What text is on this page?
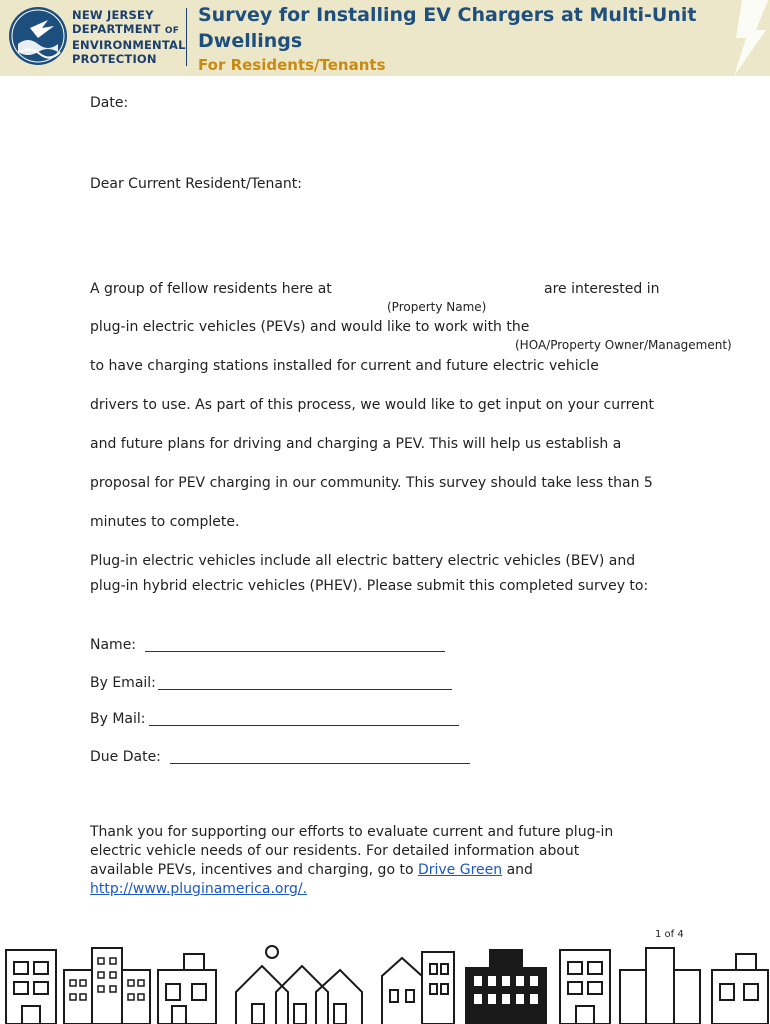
NEW JERSEY
DEPARTMENT OF
ENVIRONMENTAL
PROTECTION
Survey for Installing EV Chargers at Multi-Unit
Dwellings
For Residents/Tenants
Date:
Dear Current Resident/Tenant:
A group of fellow residents here at	are interested in
(Property Name)
plug-in electric vehicles (PEVs) and would like to work with the
(HOA/Property Owner/Management)
to have charging stations installed for current and future electric vehicle
drivers to use. As part of this process, we would like to get input on your current
and future plans for driving and charging a PEV. This will help us establish a
proposal for PEV charging in our community. This survey should take less than 5
minutes to complete.
Plug-in electric vehicles include all electric battery electric vehicles (BEV) and
plug-in hybrid electric vehicles (PHEV). Please submit this completed survey to:
Name:
By Email:
By Mail:
Due Date:
Thank you for supporting our efforts to evaluate current and future plug-in
electric vehicle needs of our residents. For detailed information about
available PEVs, incentives and charging, go to Drive Green and
http://www.pluginamerica.org/.
1 of 4
